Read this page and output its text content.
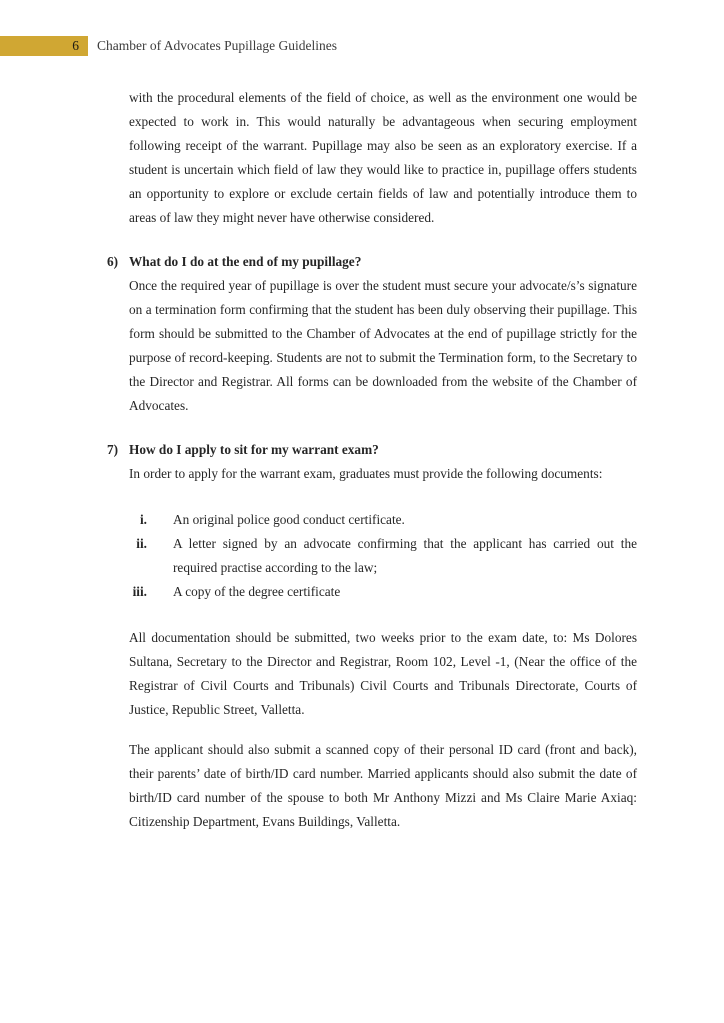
6	Chamber of Advocates Pupillage Guidelines

with the procedural elements of the field of choice, as well as the environment one would be expected to work in. This would naturally be advantageous when securing employment following receipt of the warrant. Pupillage may also be seen as an exploratory exercise. If a student is uncertain which field of law they would like to practice in, pupillage offers students an opportunity to explore or exclude certain fields of law and potentially introduce them to areas of law they might never have otherwise considered.

6) What do I do at the end of my pupillage?

Once the required year of pupillage is over the student must secure your advocate/s’s signature on a termination form confirming that the student has been duly observing their pupillage. This form should be submitted to the Chamber of Advocates at the end of pupillage strictly for the purpose of record-keeping. Students are not to submit the Termination form, to the Secretary to the Director and Registrar. All forms can be downloaded from the website of the Chamber of Advocates.

7) How do I apply to sit for my warrant exam?

In order to apply for the warrant exam, graduates must provide the following documents:

i.	An original police good conduct certificate.
ii.	A letter signed by an advocate confirming that the applicant has carried out the required practise according to the law;
iii.	A copy of the degree certificate

All documentation should be submitted, two weeks prior to the exam date, to: Ms Dolores Sultana, Secretary to the Director and Registrar, Room 102, Level -1, (Near the office of the Registrar of Civil Courts and Tribunals) Civil Courts and Tribunals Directorate, Courts of Justice, Republic Street, Valletta.

The applicant should also submit a scanned copy of their personal ID card (front and back), their parents’ date of birth/ID card number. Married applicants should also submit the date of birth/ID card number of the spouse to both Mr Anthony Mizzi and Ms Claire Marie Axiaq: Citizenship Department, Evans Buildings, Valletta.
